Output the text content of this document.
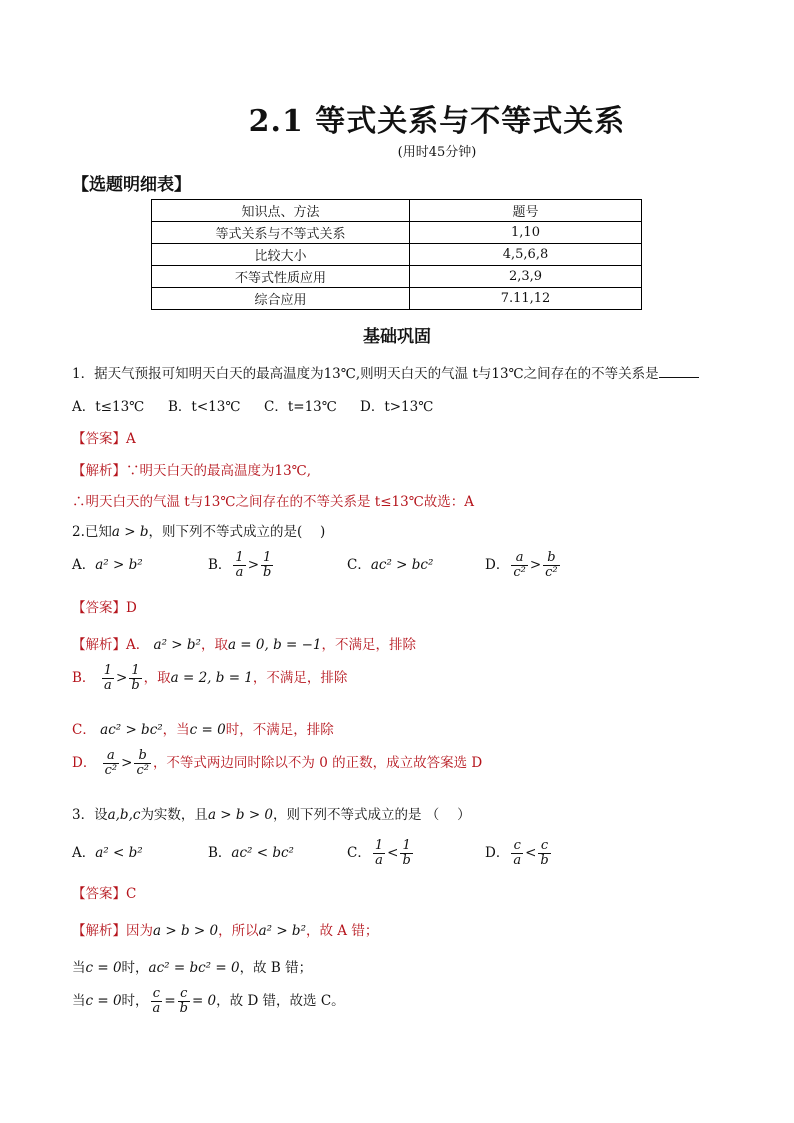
2.1 等式关系与不等式关系
(用时45分钟)
【选题明细表】
知识点、方法	题号
等式关系与不等式关系	1,10
比较大小	4,5,6,8
不等式性质应用	2,3,9
综合应用	7.11,12
基础巩固
1．据天气预报可知明天白天的最高温度为13℃,则明天白天的气温 t与13℃之间存在的不等关系是
A．t≤13℃ B．t<13℃ C．t=13℃ D．t>13℃
【答案】A
【解析】∵明天白天的最高温度为13℃,
∴明天白天的气温 t与13℃之间存在的不等关系是 t≤13℃故选：A
2.已知a > b，则下列不等式成立的是(　 )
A．a² > b²	B． $\frac{1}{a} > \frac{1}{b}$	C．ac² > bc²	D． $\frac{a}{\text{c²}} > \frac{b}{\text{c²}}$
【答案】D
【解析】A． a² > b²，取a = 0, b = −1，不满足，排除
B． $\frac{1}{a} > \frac{1}{b}$ ，取a = 2, b = 1，不满足，排除
C． ac² > bc²，当c = 0时，不满足，排除
D． $\frac{a}{\text{c²}} > \frac{b}{\text{c²}}$ ，不等式两边同时除以不为 0 的正数，成立故答案选 D
3．设a,b,c为实数，且a > b > 0，则下列不等式成立的是 （　 ）
A．a² < b²	B．ac² < bc²	C． $\frac{1}{a} < \frac{1}{b}$	D． $\frac{c}{a} < \frac{c}{b}$
【答案】C
【解析】因为a > b > 0，所以a² > b²，故 A 错；
当c = 0时，ac² = bc² = 0，故 B 错；
当c = 0时， $\frac{c}{a} = \frac{c}{b} = 0$，故 D 错，故选 C。
